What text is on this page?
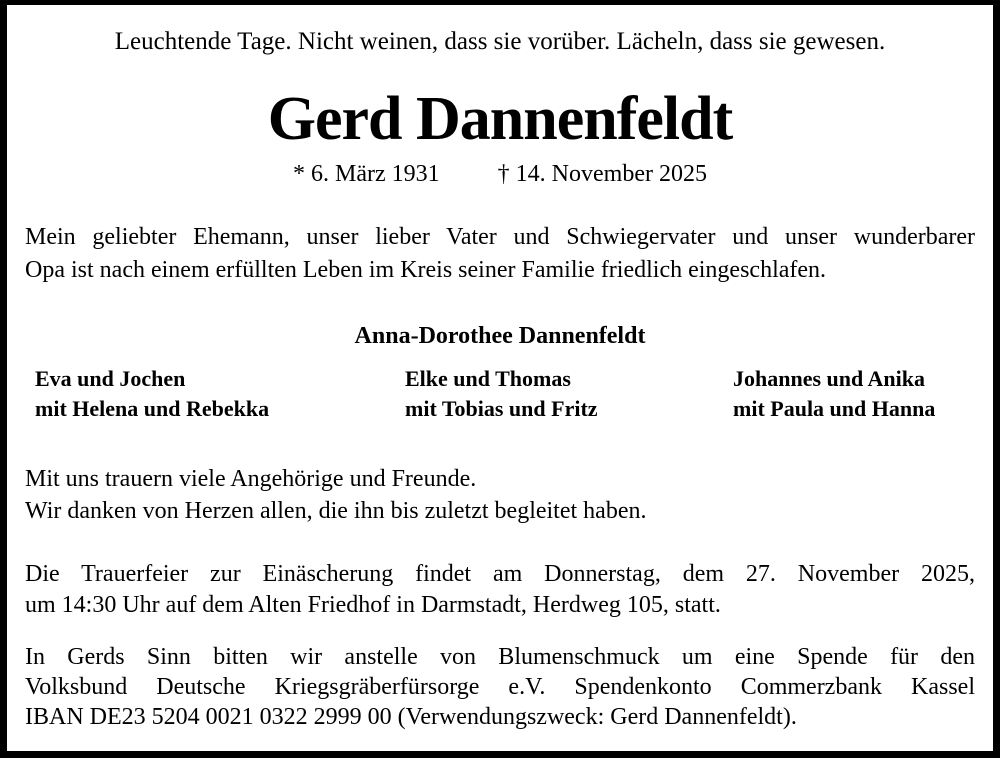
Leuchtende Tage. Nicht weinen, dass sie vorüber. Lächeln, dass sie gewesen.
Gerd Dannenfeldt
* 6. März 1931 † 14. November 2025
Mein geliebter Ehemann, unser lieber Vater und Schwiegervater und unser wunderbarer
Opa ist nach einem erfüllten Leben im Kreis seiner Familie friedlich eingeschlafen.
Anna-Dorothee Dannenfeldt
Eva und Jochen
mit Helena und Rebekka
Elke und Thomas
mit Tobias und Fritz
Johannes und Anika
mit Paula und Hanna
Mit uns trauern viele Angehörige und Freunde.
Wir danken von Herzen allen, die ihn bis zuletzt begleitet haben.
Die Trauerfeier zur Einäscherung findet am Donnerstag, dem 27. November 2025,
um 14:30 Uhr auf dem Alten Friedhof in Darmstadt, Herdweg 105, statt.
In Gerds Sinn bitten wir anstelle von Blumenschmuck um eine Spende für den
Volksbund Deutsche Kriegsgräberfürsorge e.V. Spendenkonto Commerzbank Kassel
IBAN DE23 5204 0021 0322 2999 00 (Verwendungszweck: Gerd Dannenfeldt).
